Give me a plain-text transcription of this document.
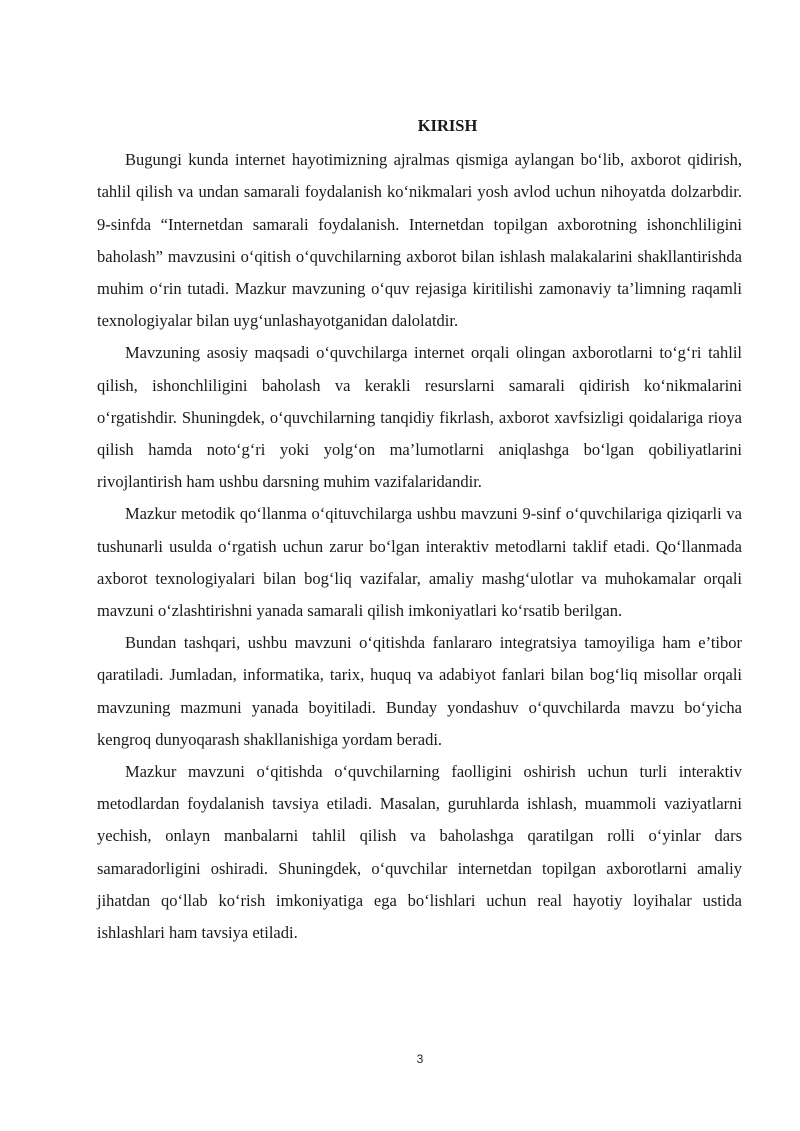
KIRISH

Bugungi kunda internet hayotimizning ajralmas qismiga aylangan bo‘lib, axborot qidirish, tahlil qilish va undan samarali foydalanish ko‘nikmalari yosh avlod uchun nihoyatda dolzarbdir. 9-sinfda “Internetdan samarali foydalanish. Internetdan topilgan axborotning ishonchliligini baholash” mavzusini o‘qitish o‘quvchilarning axborot bilan ishlash malakalarini shakllantirishda muhim o‘rin tutadi. Mazkur mavzuning o‘quv rejasiga kiritilishi zamonaviy ta’limning raqamli texnologiyalar bilan uyg‘unlashayotganidan dalolatdir.

Mavzuning asosiy maqsadi o‘quvchilarga internet orqali olingan axborotlarni to‘g‘ri tahlil qilish, ishonchliligini baholash va kerakli resurslarni samarali qidirish ko‘nikmalarini o‘rgatishdir. Shuningdek, o‘quvchilarning tanqidiy fikrlash, axborot xavfsizligi qoidalariga rioya qilish hamda noto‘g‘ri yoki yolg‘on ma’lumotlarni aniqlashga bo‘lgan qobiliyatlarini rivojlantirish ham ushbu darsning muhim vazifalaridandir.

Mazkur metodik qo‘llanma o‘qituvchilarga ushbu mavzuni 9-sinf o‘quvchilariga qiziqarli va tushunarli usulda o‘rgatish uchun zarur bo‘lgan interaktiv metodlarni taklif etadi. Qo‘llanmada axborot texnologiyalari bilan bog‘liq vazifalar, amaliy mashg‘ulotlar va muhokamalar orqali mavzuni o‘zlashtirishni yanada samarali qilish imkoniyatlari ko‘rsatib berilgan.

Bundan tashqari, ushbu mavzuni o‘qitishda fanlararo integratsiya tamoyiliga ham e’tibor qaratiladi. Jumladan, informatika, tarix, huquq va adabiyot fanlari bilan bog‘liq misollar orqali mavzuning mazmuni yanada boyitiladi. Bunday yondashuv o‘quvchilarda mavzu bo‘yicha kengroq dunyoqarash shakllanishiga yordam beradi.

Mazkur mavzuni o‘qitishda o‘quvchilarning faolligini oshirish uchun turli interaktiv metodlardan foydalanish tavsiya etiladi. Masalan, guruhlarda ishlash, muammoli vaziyatlarni yechish, onlayn manbalarni tahlil qilish va baholashga qaratilgan rolli o‘yinlar dars samaradorligini oshiradi. Shuningdek, o‘quvchilar internetdan topilgan axborotlarni amaliy jihatdan qo‘llab ko‘rish imkoniyatiga ega bo‘lishlari uchun real hayotiy loyihalar ustida ishlashlari ham tavsiya etiladi.

3
